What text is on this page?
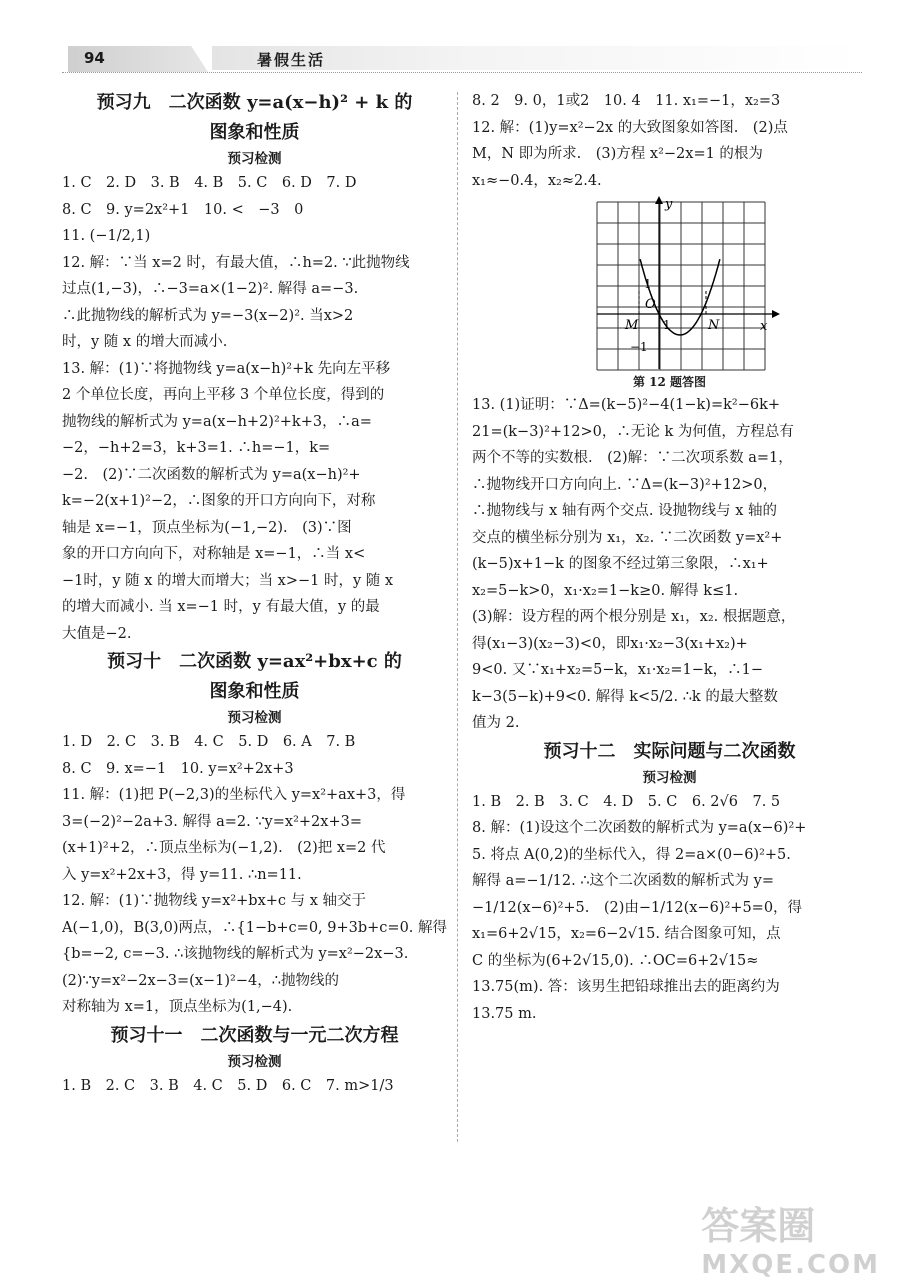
94	暑假生活
预习九　二次函数 y=a(x−h)² + k 的
图象和性质
预习检测
1. C　2. D　3. B　4. B　5. C　6. D　7. D
8. C　9. y=2x²+1　10. <　−3　0
11. (−1/2,1)
12. 解：∵当 x=2 时，有最大值，∴h=2. ∵此抛物线
过点(1,−3)，∴−3=a×(1−2)². 解得 a=−3.
∴此抛物线的解析式为 y=−3(x−2)². 当x>2
时，y 随 x 的增大而减小.
13. 解：(1)∵将抛物线 y=a(x−h)²+k 先向左平移
2 个单位长度，再向上平移 3 个单位长度，得到的
抛物线的解析式为 y=a(x−h+2)²+k+3，∴a=
−2，−h+2=3，k+3=1. ∴h=−1，k=
−2.　(2)∵二次函数的解析式为 y=a(x−h)²+
k=−2(x+1)²−2，∴图象的开口方向向下，对称
轴是 x=−1，顶点坐标为(−1,−2).　(3)∵图
象的开口方向向下，对称轴是 x=−1，∴当 x<
−1时，y 随 x 的增大而增大；当 x>−1 时，y 随 x
的增大而减小. 当 x=−1 时，y 有最大值，y 的最
大值是−2.
预习十　二次函数 y=ax²+bx+c 的
图象和性质
预习检测
1. D　2. C　3. B　4. C　5. D　6. A　7. B
8. C　9. x=−1　10. y=x²+2x+3
11. 解：(1)把 P(−2,3)的坐标代入 y=x²+ax+3，得
3=(−2)²−2a+3. 解得 a=2. ∵y=x²+2x+3=
(x+1)²+2，∴顶点坐标为(−1,2).　(2)把 x=2 代
入 y=x²+2x+3，得 y=11. ∴n=11.
12. 解：(1)∵抛物线 y=x²+bx+c 与 x 轴交于
A(−1,0)，B(3,0)两点，∴{1−b+c=0, 9+3b+c=0. 解得
{b=−2, c=−3. ∴该抛物线的解析式为 y=x²−2x−3.
(2)∵y=x²−2x−3=(x−1)²−4，∴抛物线的
对称轴为 x=1，顶点坐标为(1,−4).
预习十一　二次函数与一元二次方程
预习检测
1. B　2. C　3. B　4. C　5. D　6. C　7. m>1/3
8. 2　9. 0，1或2　10. 4　11. x₁=−1，x₂=3
12. 解：(1)y=x²−2x 的大致图象如答图.　(2)点
M，N 即为所求.　(3)方程 x²−2x=1 的根为
x₁≈−0.4，x₂≈2.4.
y
x
O
M	N
1
1
−1
第 12 题答图
13. (1)证明：∵Δ=(k−5)²−4(1−k)=k²−6k+
21=(k−3)²+12>0，∴无论 k 为何值，方程总有
两个不等的实数根.　(2)解：∵二次项系数 a=1，
∴抛物线开口方向向上. ∵Δ=(k−3)²+12>0，
∴抛物线与 x 轴有两个交点. 设抛物线与 x 轴的
交点的横坐标分别为 x₁，x₂. ∵二次函数 y=x²+
(k−5)x+1−k 的图象不经过第三象限，∴x₁+
x₂=5−k>0，x₁·x₂=1−k≥0. 解得 k≤1.
(3)解：设方程的两个根分别是 x₁，x₂. 根据题意，
得(x₁−3)(x₂−3)<0，即x₁·x₂−3(x₁+x₂)+
9<0. 又∵x₁+x₂=5−k，x₁·x₂=1−k，∴1−
k−3(5−k)+9<0. 解得 k<5/2. ∴k 的最大整数
值为 2.
预习十二　实际问题与二次函数
预习检测
1. B　2. B　3. C　4. D　5. C　6. 2√6　7. 5
8. 解：(1)设这个二次函数的解析式为 y=a(x−6)²+
5. 将点 A(0,2)的坐标代入，得 2=a×(0−6)²+5.
解得 a=−1/12. ∴这个二次函数的解析式为 y=
−1/12(x−6)²+5.　(2)由−1/12(x−6)²+5=0，得
x₁=6+2√15，x₂=6−2√15. 结合图象可知，点
C 的坐标为(6+2√15,0). ∴OC=6+2√15≈
13.75(m). 答：该男生把铅球推出去的距离约为
13.75 m.
答案圈
MXQE.COM
